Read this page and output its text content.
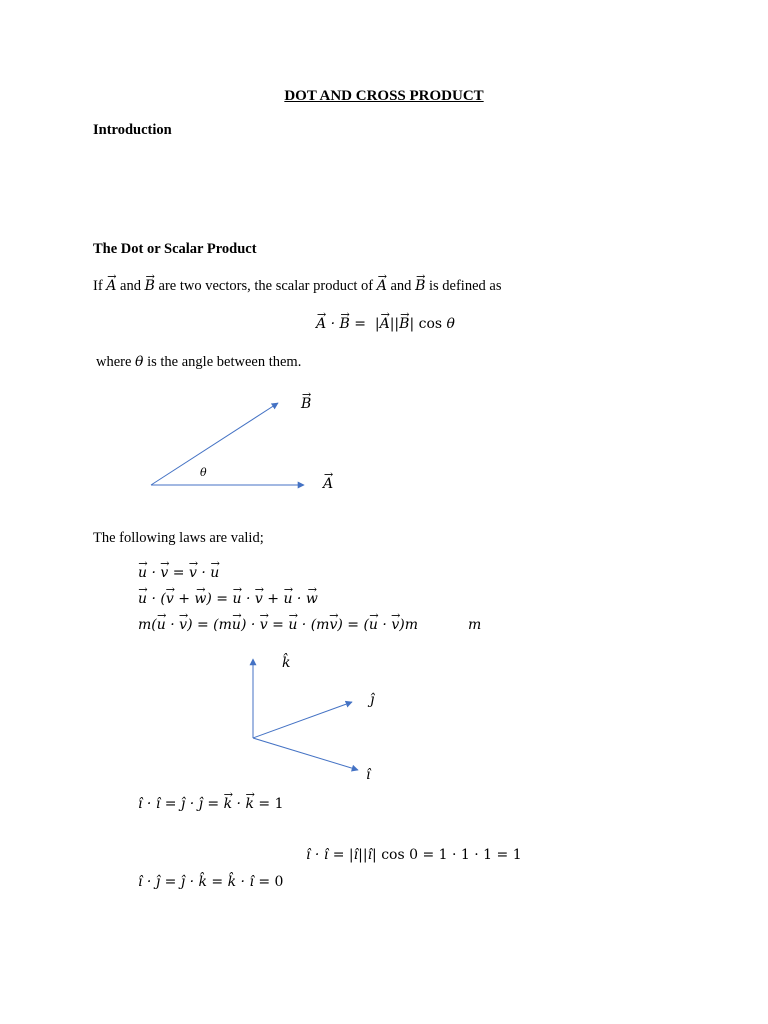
DOT AND CROSS PRODUCT
Introduction
The Dot or Scalar Product
If → A and → B are two vectors, the scalar product of → A and → B is defined as
→ A · → B =  |→ A||→ B| cos θ
where θ is the angle between them.
→ B
→ A
θ
The following laws are valid;
→ u · → v = → v · → u
→ u · (→ v + → w) = → u · → v + → u · → w
m(→ u · → v) = (m→ u) · → v = → u · (m→ v) = (→ u · → v)m	m
k̂
ĵ
ı̂
ı̂ · ı̂ = ĵ · ĵ = → k · → k = 1
ı̂ · ı̂ = |ı̂||ı̂| cos 0 = 1 · 1 · 1 = 1
ı̂ · ĵ = ĵ · k̂ = k̂ · ı̂ = 0
